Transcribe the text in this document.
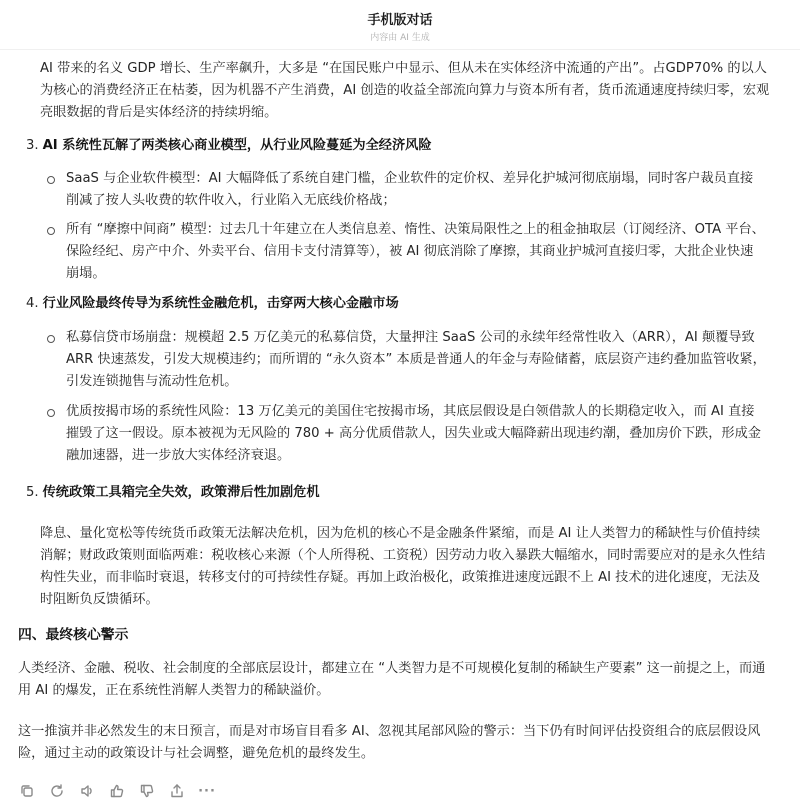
手机版对话
内容由 AI 生成
AI 带来的名义 GDP 增长、生产率飙升，大多是 “在国民账户中显示、但从未在实体经济中流通的产出”。占GDP70% 的以人为核心的消费经济正在枯萎，因为机器不产生消费，AI 创造的收益全部流向算力与资本所有者，货币流通速度持续归零，宏观亮眼数据的背后是实体经济的持续坍缩。
3. AI 系统性瓦解了两类核心商业模型，从行业风险蔓延为全经济风险
SaaS 与企业软件模型：AI 大幅降低了系统自建门槛，企业软件的定价权、差异化护城河彻底崩塌，同时客户裁员直接削减了按人头收费的软件收入，行业陷入无底线价格战；
所有 “摩擦中间商” 模型：过去几十年建立在人类信息差、惰性、决策局限性之上的租金抽取层（订阅经济、OTA 平台、保险经纪、房产中介、外卖平台、信用卡支付清算等），被 AI 彻底消除了摩擦，其商业护城河直接归零，大批企业快速崩塌。
4. 行业风险最终传导为系统性金融危机，击穿两大核心金融市场
私募信贷市场崩盘：规模超 2.5 万亿美元的私募信贷，大量押注 SaaS 公司的永续年经常性收入（ARR），AI 颠覆导致 ARR 快速蒸发，引发大规模违约；而所谓的 “永久资本” 本质是普通人的年金与寿险储蓄，底层资产违约叠加监管收紧，引发连锁抛售与流动性危机。
优质按揭市场的系统性风险：13 万亿美元的美国住宅按揭市场，其底层假设是白领借款人的长期稳定收入，而 AI 直接摧毁了这一假设。原本被视为无风险的 780 + 高分优质借款人，因失业或大幅降薪出现违约潮，叠加房价下跌，形成金融加速器，进一步放大实体经济衰退。
5. 传统政策工具箱完全失效，政策滞后性加剧危机
降息、量化宽松等传统货币政策无法解决危机，因为危机的核心不是金融条件紧缩，而是 AI 让人类智力的稀缺性与价值持续消解；财政政策则面临两难：税收核心来源（个人所得税、工资税）因劳动力收入暴跌大幅缩水，同时需要应对的是永久性结构性失业，而非临时衰退，转移支付的可持续性存疑。再加上政治极化，政策推进速度远跟不上 AI 技术的进化速度，无法及时阻断负反馈循环。
四、最终核心警示
人类经济、金融、税收、社会制度的全部底层设计，都建立在 “人类智力是不可规模化复制的稀缺生产要素” 这一前提之上，而通用 AI 的爆发，正在系统性消解人类智力的稀缺溢价。
这一推演并非必然发生的末日预言，而是对市场盲目看多 AI、忽视其尾部风险的警示：当下仍有时间评估投资组合的底层假设风险，通过主动的政策设计与社会调整，避免危机的最终发生。
···
